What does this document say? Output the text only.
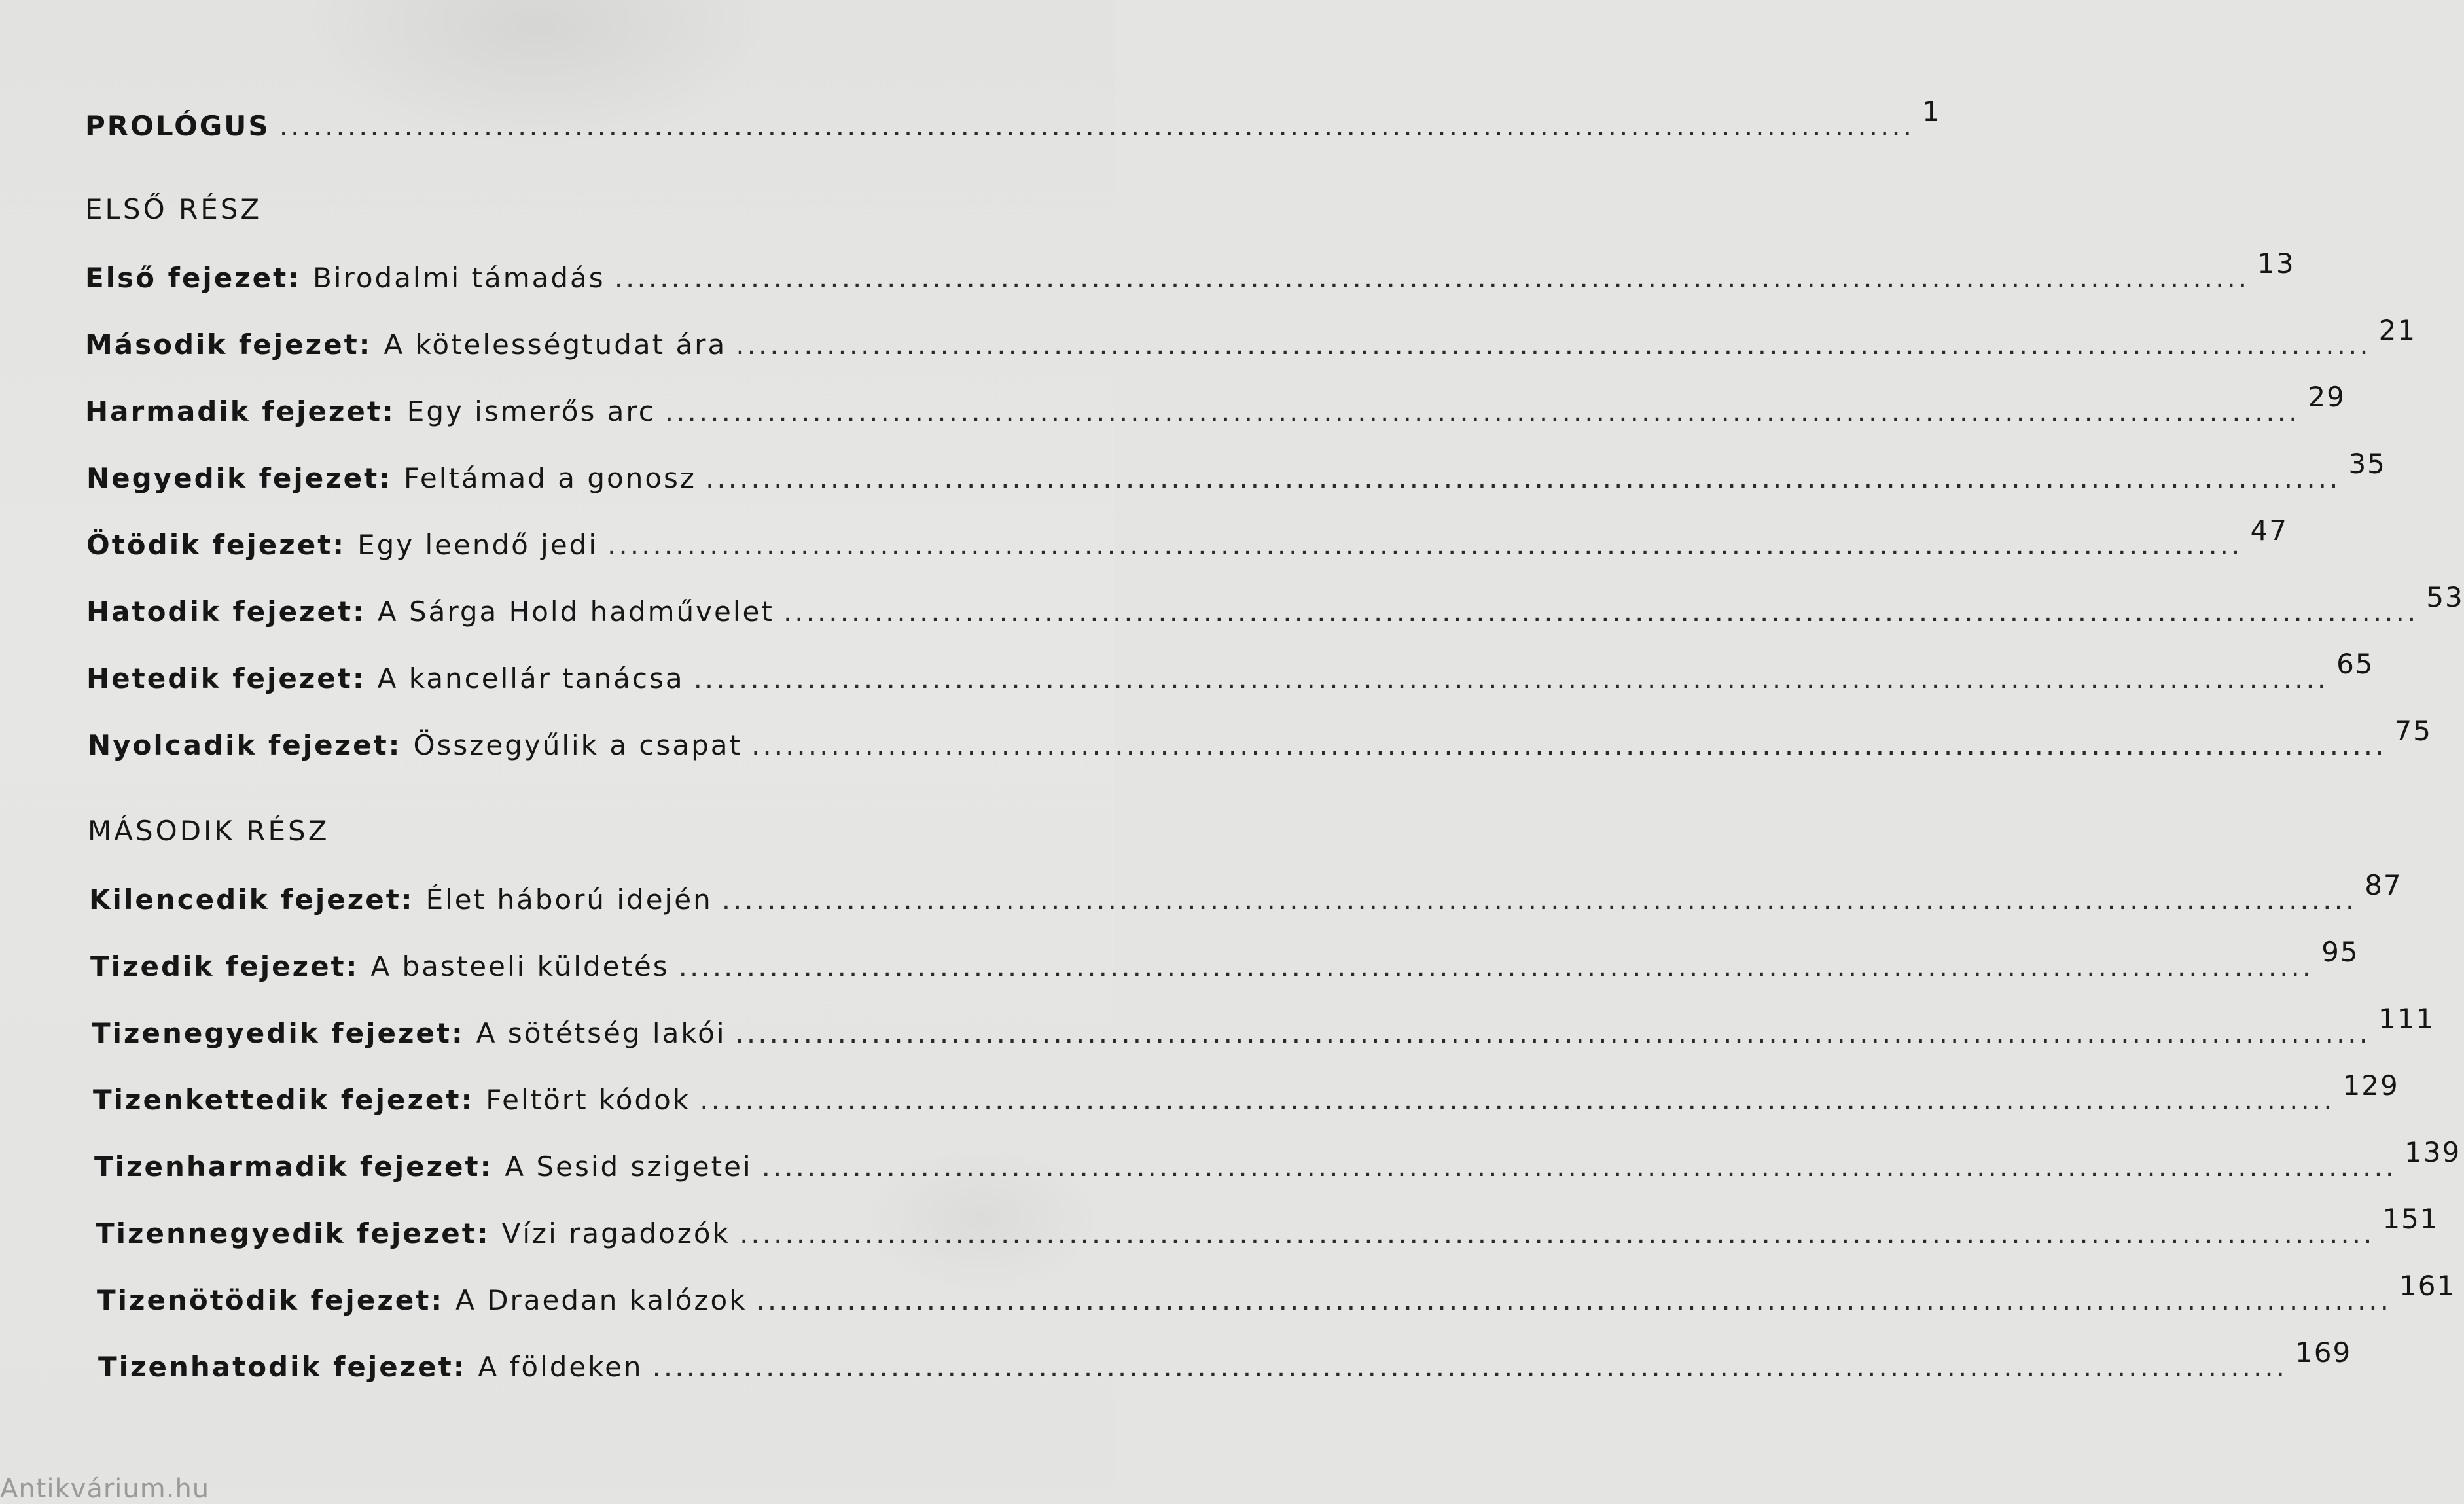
PROLÓGUS ................................................................................................................................................ 1
ELSŐ RÉSZ
Első fejezet: Birodalmi támadás ................................................................................................................................................ 13
Második fejezet: A kötelességtudat ára ................................................................................................................................................ 21
Harmadik fejezet: Egy ismerős arc ................................................................................................................................................ 29
Negyedik fejezet: Feltámad a gonosz ................................................................................................................................................ 35
Ötödik fejezet: Egy leendő jedi ................................................................................................................................................ 47
Hatodik fejezet: A Sárga Hold hadművelet ................................................................................................................................................ 53
Hetedik fejezet: A kancellár tanácsa ................................................................................................................................................ 65
Nyolcadik fejezet: Összegyűlik a csapat ................................................................................................................................................ 75
MÁSODIK RÉSZ
Kilencedik fejezet: Élet háború idején ................................................................................................................................................ 87
Tizedik fejezet: A basteeli küldetés ................................................................................................................................................ 95
Tizenegyedik fejezet: A sötétség lakói ................................................................................................................................................ 111
Tizenkettedik fejezet: Feltört kódok ................................................................................................................................................ 129
Tizenharmadik fejezet: A Sesid szigetei ................................................................................................................................................ 139
Tizennegyedik fejezet: Vízi ragadozók ................................................................................................................................................ 151
Tizenötödik fejezet: A Draedan kalózok ................................................................................................................................................ 161
Tizenhatodik fejezet: A földeken ................................................................................................................................................ 169
Antikvárium.hu
